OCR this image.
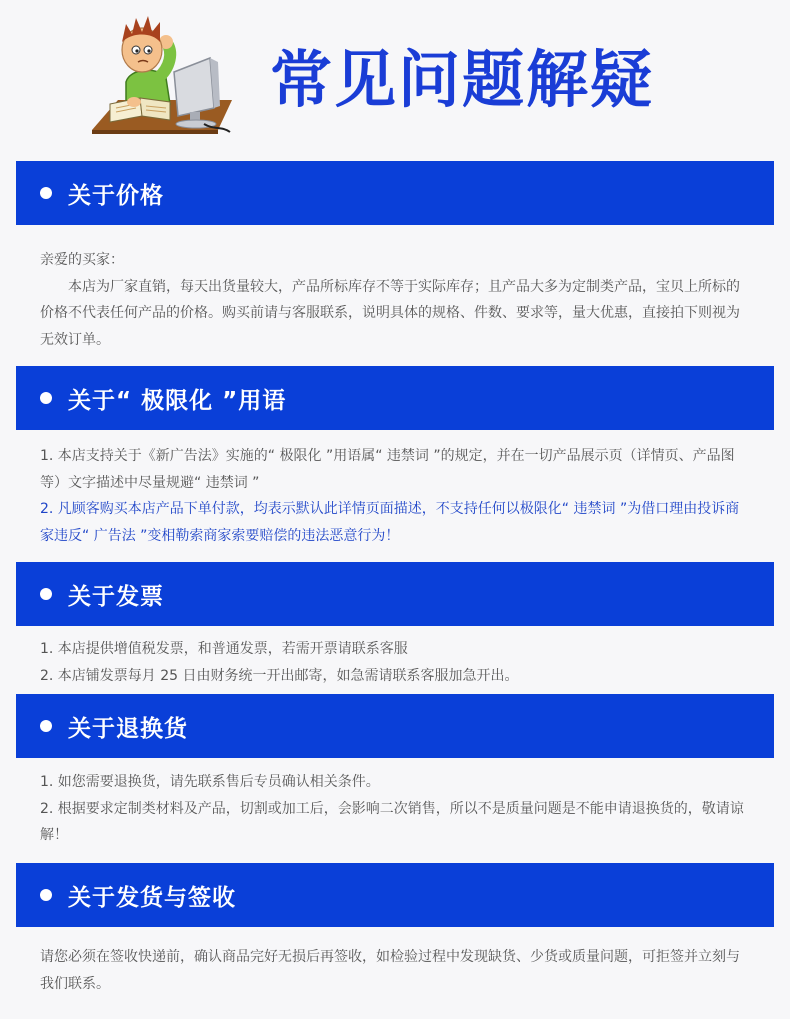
常见问题解疑
关于价格

亲爱的买家：

本店为厂家直销，每天出货量较大，产品所标库存不等于实际库存；且产品大多为定制类产品，宝贝上所标的价格不代表任何产品的价格。购买前请与客服联系，说明具体的规格、件数、要求等，量大优惠，直接拍下则视为无效订单。

关于“ 极限化 ”用语

1. 本店支持关于《新广告法》实施的“ 极限化 ”用语属“ 违禁词 ”的规定，并在一切产品展示页（详情页、产品图等）文字描述中尽量规避“ 违禁词 ”

2. 凡顾客购买本店产品下单付款，均表示默认此详情页面描述，不支持任何以极限化“ 违禁词 ”为借口理由投诉商家违反“ 广告法 ”变相勒索商家索要赔偿的违法恶意行为！

关于发票

1. 本店提供增值税发票，和普通发票，若需开票请联系客服

2. 本店铺发票每月 25 日由财务统一开出邮寄，如急需请联系客服加急开出。

关于退换货

1. 如您需要退换货，请先联系售后专员确认相关条件。

2. 根据要求定制类材料及产品，切割或加工后，会影响二次销售，所以不是质量问题是不能申请退换货的，敬请谅解！

关于发货与签收

请您必须在签收快递前，确认商品完好无损后再签收，如检验过程中发现缺货、少货或质量问题，可拒签并立刻与我们联系。
